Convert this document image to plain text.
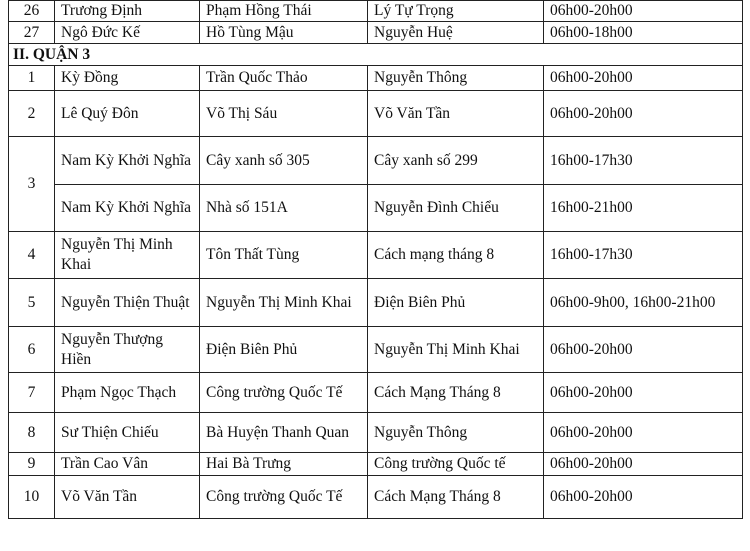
26	Trương Định	Phạm Hồng Thái	Lý Tự Trọng	06h00-20h00
27	Ngô Đức Kế	Hồ Tùng Mậu	Nguyễn Huệ	06h00-18h00
II. QUẬN 3				
1	Kỳ Đồng	Trần Quốc Thảo	Nguyễn Thông	06h00-20h00
2	Lê Quý Đôn	Võ Thị Sáu	Võ Văn Tần	06h00-20h00
3	Nam Kỳ Khởi Nghĩa	Cây xanh số 305	Cây xanh số 299	16h00-17h30
	Nam Kỳ Khởi Nghĩa	Nhà số 151A	Nguyễn Đình Chiểu	16h00-21h00
4	Nguyễn Thị Minh Khai	Tôn Thất Tùng	Cách mạng tháng 8	16h00-17h30
5	Nguyễn Thiện Thuật	Nguyễn Thị Minh Khai	Điện Biên Phủ	06h00-9h00, 16h00-21h00
6	Nguyễn Thượng Hiền	Điện Biên Phủ	Nguyễn Thị Minh Khai	06h00-20h00
7	Phạm Ngọc Thạch	Công trường Quốc Tế	Cách Mạng Tháng 8	06h00-20h00
8	Sư Thiện Chiếu	Bà Huyện Thanh Quan	Nguyễn Thông	06h00-20h00
9	Trần Cao Vân	Hai Bà Trưng	Công trường Quốc tế	06h00-20h00
10	Võ Văn Tần	Công trường Quốc Tế	Cách Mạng Tháng 8	06h00-20h00
